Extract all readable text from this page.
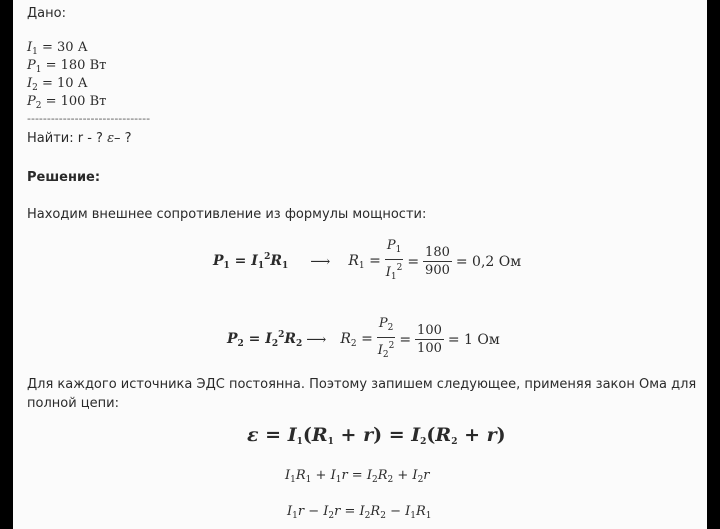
Дано:
$I_1 = 30$ А
$P_1 = 180$ Вт
$I_2 = 10$ А
$P_2 = 100$ Вт
-------------------------------
Найти: r - ? ε– ?
Решение:
Находим внешнее сопротивление из формулы мощности:
$P_1 = I_1^2R_1$ ⟶ $R_1 = \frac{P_1}{I_1^2} = \frac{180}{900} = 0,2$ Ом
$P_2 = I_2^2R_2$ ⟶ $R_2 = \frac{P_2}{I_2^2} = \frac{100}{100} = 1$ Ом
Для каждого источника ЭДС постоянна. Поэтому запишем следующее, применяя закон Ома для полной цепи:
$\varepsilon = I_1(R_1 + r) = I_2(R_2 + r)$
$I_1R_1 + I_1r = I_2R_2 + I_2r$
$I_1r - I_2r = I_2R_2 - I_1R_1$
